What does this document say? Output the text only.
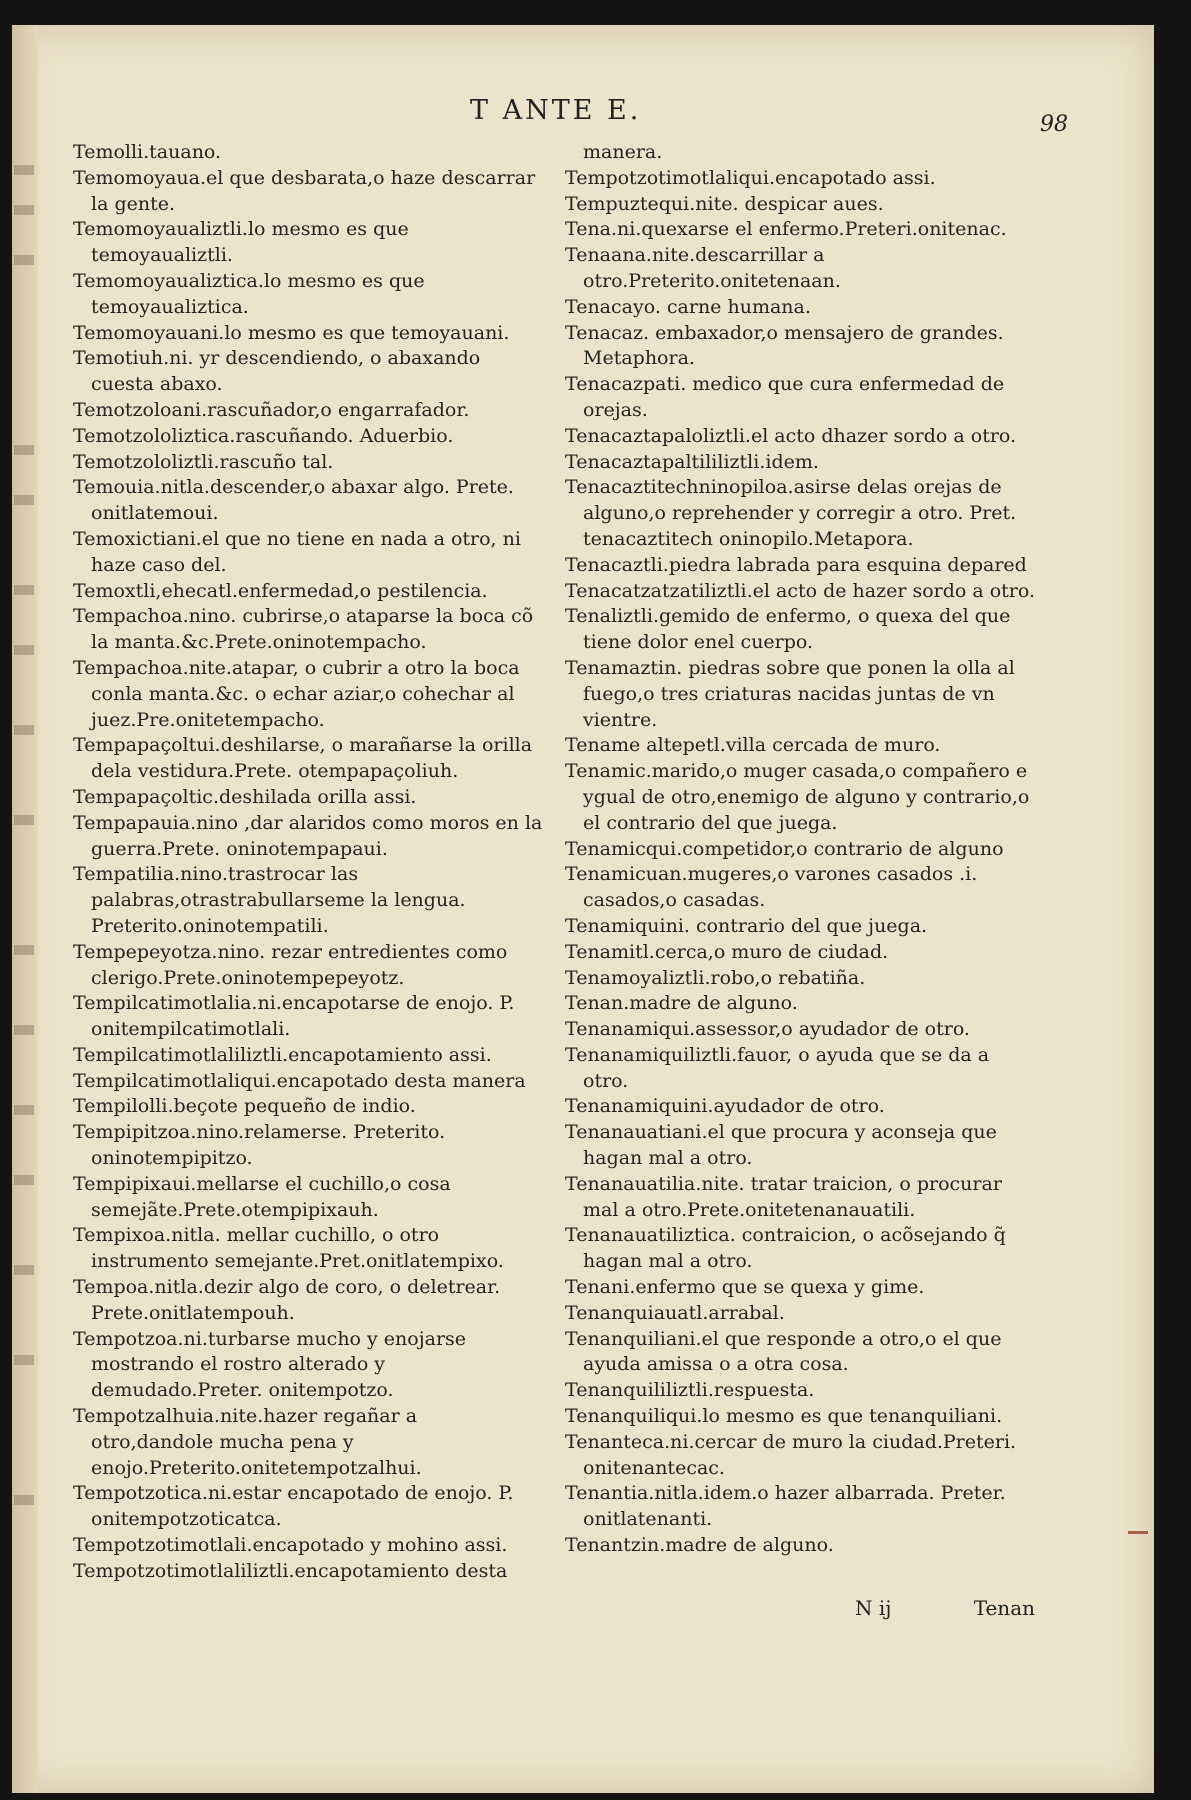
T ANTE E.	98

Temolli.tauano.

Temomoyaua.el que desbarata,o haze descarrar la gente.

Temomoyaualiztli.lo mesmo es que temoyaualiztli.

Temomoyaualiztica.lo mesmo es que temoyaualiztica.

Temomoyauani.lo mesmo es que temoyauani.

Temotiuh.ni. yr descendiendo, o abaxando cuesta abaxo.

Temotzoloani.rascuñador,o engarrafador.

Temotzololiztica.rascuñando. Aduerbio.

Temotzololiztli.rascuño tal.

Temouia.nitla.descender,o abaxar algo. Prete. onitlatemoui.

Temoxictiani.el que no tiene en nada a otro, ni haze caso del.

Temoxtli,ehecatl.enfermedad,o pestilencia.

Tempachoa.nino. cubrirse,o ataparse la boca cõ la manta.&c.Prete.oninotempacho.

Tempachoa.nite.atapar, o cubrir a otro la boca conla manta.&c. o echar aziar,o cohechar al juez.Pre.onitetempacho.

Tempapaçoltui.deshilarse, o marañarse la orilla dela vestidura.Prete. otempapaçoliuh.

Tempapaçoltic.deshilada orilla assi.

Tempapauia.nino ,dar alaridos como moros en la guerra.Prete. oninotempapaui.

Tempatilia.nino.trastrocar las palabras,otrastrabullarseme la lengua. Preterito.oninotempatili.

Tempepeyotza.nino. rezar entredientes como clerigo.Prete.oninotempepeyotz.

Tempilcatimotlalia.ni.encapotarse de enojo. P. onitempilcatimotlali.

Tempilcatimotlaliliztli.encapotamiento assi.

Tempilcatimotlaliqui.encapotado desta manera

Tempilolli.beçote pequeño de indio.

Tempipitzoa.nino.relamerse. Preterito. oninotempipitzo.

Tempipixaui.mellarse el cuchillo,o cosa semejãte.Prete.otempipixauh.

Tempixoa.nitla. mellar cuchillo, o otro instrumento semejante.Pret.onitlatempixo.

Tempoa.nitla.dezir algo de coro, o deletrear. Prete.onitlatempouh.

Tempotzoa.ni.turbarse mucho y enojarse mostrando el rostro alterado y demudado.Preter. onitempotzo.

Tempotzalhuia.nite.hazer regañar a otro,dandole mucha pena y enojo.Preterito.onitetempotzalhui.

Tempotzotica.ni.estar encapotado de enojo. P. onitempotzoticatca.

Tempotzotimotlali.encapotado y mohino assi.

Tempotzotimotlaliliztli.encapotamiento desta

manera.

Tempotzotimotlaliqui.encapotado assi.

Tempuztequi.nite. despicar aues.

Tena.ni.quexarse el enfermo.Preteri.onitenac.

Tenaana.nite.descarrillar a otro.Preterito.onitetenaan.

Tenacayo. carne humana.

Tenacaz. embaxador,o mensajero de grandes. Metaphora.

Tenacazpati. medico que cura enfermedad de orejas.

Tenacaztapaloliztli.el acto dhazer sordo a otro.

Tenacaztapaltililiztli.idem.

Tenacaztitechninopiloa.asirse delas orejas de alguno,o reprehender y corregir a otro. Pret. tenacaztitech oninopilo.Metapora.

Tenacaztli.piedra labrada para esquina depared

Tenacatzatzatiliztli.el acto de hazer sordo a otro.

Tenaliztli.gemido de enfermo, o quexa del que tiene dolor enel cuerpo.

Tenamaztin. piedras sobre que ponen la olla al fuego,o tres criaturas nacidas juntas de vn vientre.

Tename altepetl.villa cercada de muro.

Tenamic.marido,o muger casada,o compañero e ygual de otro,enemigo de alguno y contrario,o el contrario del que juega.

Tenamicqui.competidor,o contrario de alguno

Tenamicuan.mugeres,o varones casados .i. casados,o casadas.

Tenamiquini. contrario del que juega.

Tenamitl.cerca,o muro de ciudad.

Tenamoyaliztli.robo,o rebatiña.

Tenan.madre de alguno.

Tenanamiqui.assessor,o ayudador de otro.

Tenanamiquiliztli.fauor, o ayuda que se da a otro.

Tenanamiquini.ayudador de otro.

Tenanauatiani.el que procura y aconseja que hagan mal a otro.

Tenanauatilia.nite. tratar traicion, o procurar mal a otro.Prete.onitetenanauatili.

Tenanauatiliztica. contraicion, o acõsejando q̃ hagan mal a otro.

Tenani.enfermo que se quexa y gime.

Tenanquiauatl.arrabal.

Tenanquiliani.el que responde a otro,o el que ayuda amissa o a otra cosa.

Tenanquililiztli.respuesta.

Tenanquiliqui.lo mesmo es que tenanquiliani.

Tenanteca.ni.cercar de muro la ciudad.Preteri. onitenantecac.

Tenantia.nitla.idem.o hazer albarrada. Preter. onitlatenanti.

Tenantzin.madre de alguno.

N ij	Tenan
